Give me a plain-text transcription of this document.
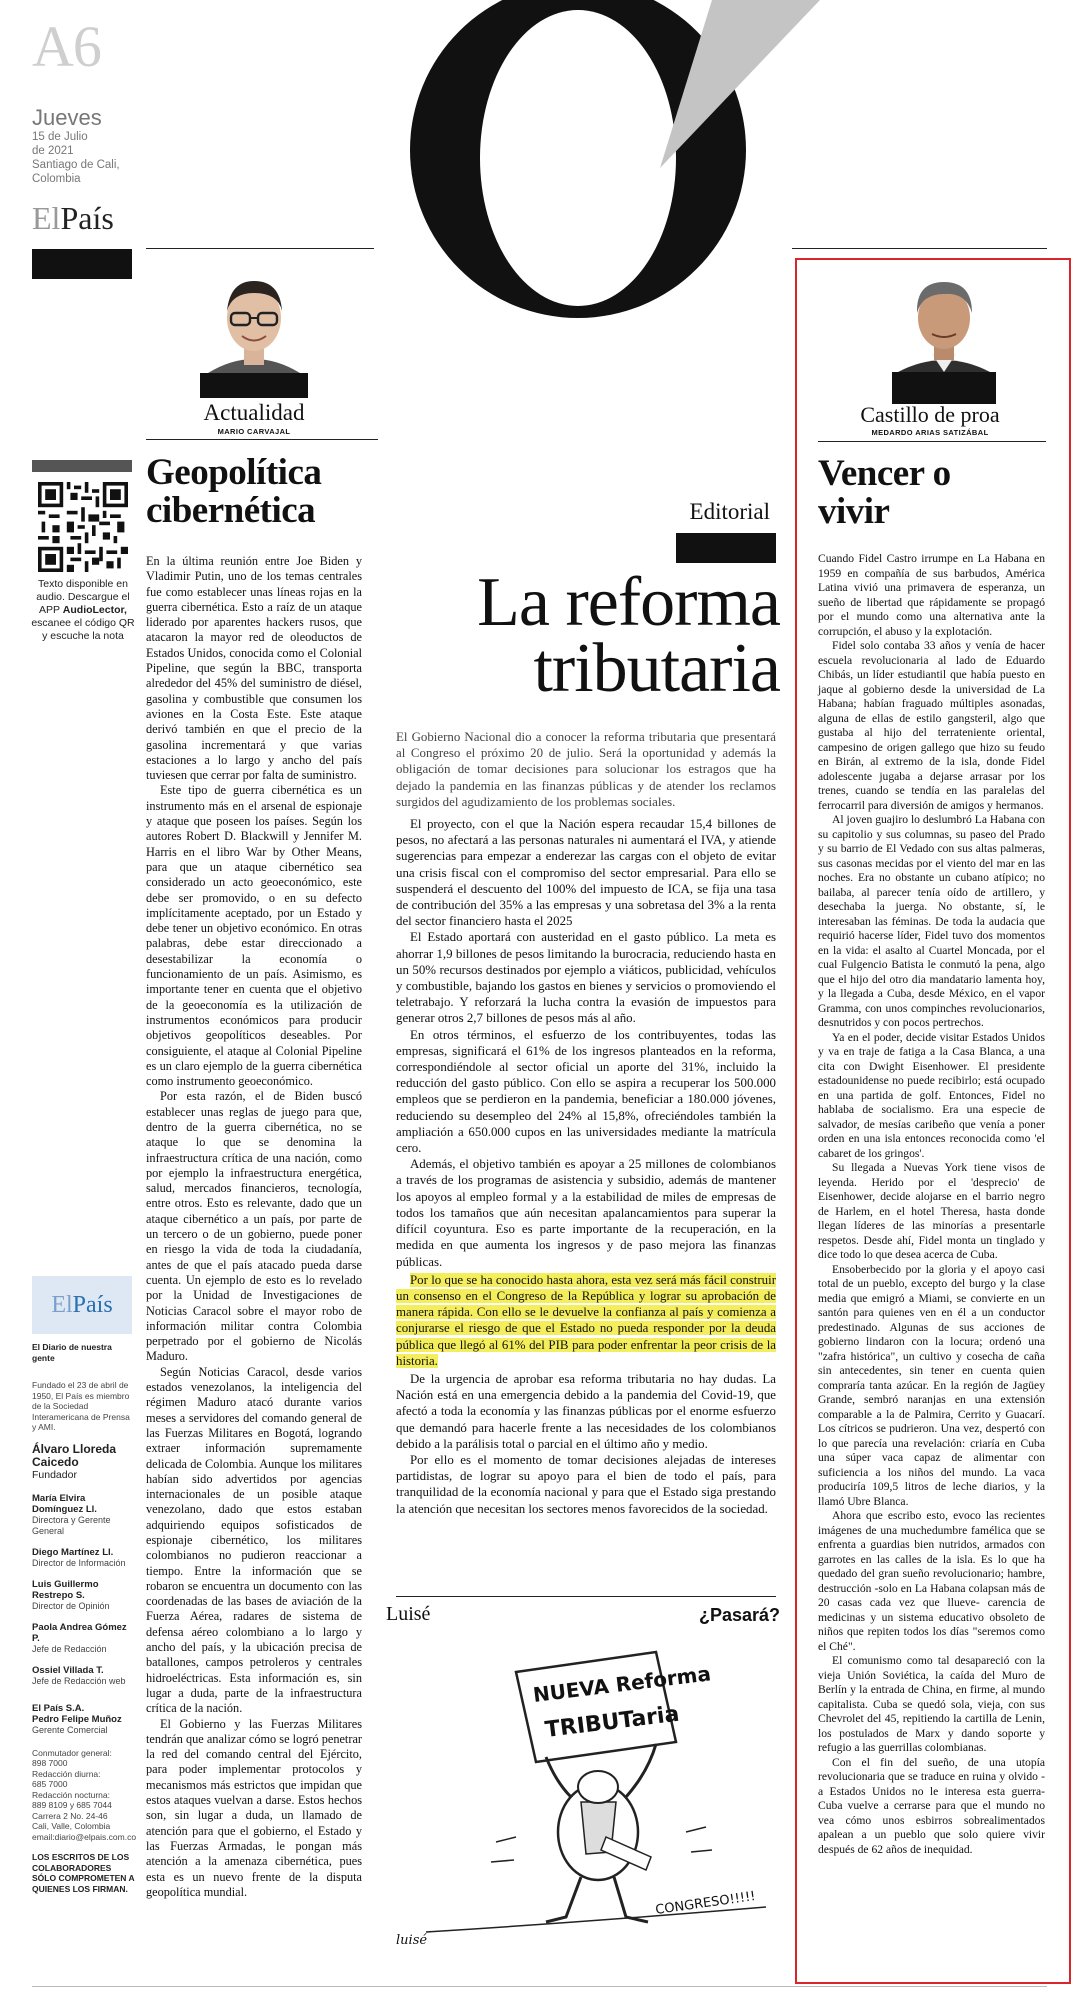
A6
Jueves
15 de Julio
de 2021
Santiago de Cali,
Colombia
ElPaís
Texto disponible en audio. Descargue el APP AudioLector, escanee el código QR y escuche la nota
ElPaís

El Diario de nuestra gente

Fundado el 23 de abril de 1950, El País es miembro de la Sociedad Interamericana de Prensa y AMI.

Álvaro Lloreda Caicedo

Fundador

María Elvira Domínguez Ll.

Directora y Gerente General

Diego Martínez Ll.

Director de Información

Luis Guillermo Restrepo S.

Director de Opinión

Paola Andrea Gómez P.

Jefe de Redacción

Ossiel Villada T.

Jefe de Redacción web

El País S.A.

Pedro Felipe Muñoz

Gerente Comercial

Conmutador general:

898 7000

Redacción diurna:

685 7000

Redacción nocturna:

889 8109 y 685 7044

Carrera 2 No. 24-46

Cali, Valle, Colombia

email:diario@elpais.com.co

LOS ESCRITOS DE LOS COLABORADORES SÓLO COMPROMETEN A QUIENES LOS FIRMAN.

Actualidad
MARIO CARVAJAL
Geopolítica
cibernética

En la última reunión entre Joe Biden y Vladimir Putin, uno de los temas centrales fue como establecer unas líneas rojas en la guerra cibernética. Esto a raíz de un ataque liderado por aparentes hackers rusos, que atacaron la mayor red de oleoductos de Estados Unidos, conocida como el Colonial Pipeline, que según la BBC, transporta alrededor del 45% del suministro de diésel, gasolina y combustible que consumen los aviones en la Costa Este. Este ataque derivó también en que el precio de la gasolina incrementará y que varias estaciones a lo largo y ancho del país tuviesen que cerrar por falta de suministro.

Este tipo de guerra cibernética es un instrumento más en el arsenal de espionaje y ataque que poseen los países. Según los autores Robert D. Blackwill y Jennifer M. Harris en el libro War by Other Means, para que un ataque cibernético sea considerado un acto geoeconómico, este debe ser promovido, o en su defecto implícitamente aceptado, por un Estado y debe tener un objetivo económico. En otras palabras, debe estar direccionado a desestabilizar la economía o funcionamiento de un país. Asimismo, es importante tener en cuenta que el objetivo de la geoeconomía es la utilización de instrumentos económicos para producir objetivos geopolíticos deseables. Por consiguiente, el ataque al Colonial Pipeline es un claro ejemplo de la guerra cibernética como instrumento geoeconómico.

Por esta razón, el de Biden buscó establecer unas reglas de juego para que, dentro de la guerra cibernética, no se ataque lo que se denomina la infraestructura crítica de una nación, como por ejemplo la infraestructura energética, salud, mercados financieros, tecnología, entre otros. Esto es relevante, dado que un ataque cibernético a un país, por parte de un tercero o de un gobierno, puede poner en riesgo la vida de toda la ciudadanía, antes de que el país atacado pueda darse cuenta. Un ejemplo de esto es lo revelado por la Unidad de Investigaciones de Noticias Caracol sobre el mayor robo de información militar contra Colombia perpetrado por el gobierno de Nicolás Maduro.

Según Noticias Caracol, desde varios estados venezolanos, la inteligencia del régimen Maduro atacó durante varios meses a servidores del comando general de las Fuerzas Militares en Bogotá, logrando extraer información supremamente delicada de Colombia. Aunque los militares habían sido advertidos por agencias internacionales de un posible ataque venezolano, dado que estos estaban adquiriendo equipos sofisticados de espionaje cibernético, los militares colombianos no pudieron reaccionar a tiempo. Entre la información que se robaron se encuentra un documento con las coordenadas de las bases de aviación de la Fuerza Aérea, radares de sistema de defensa aéreo colombiano a lo largo y ancho del país, y la ubicación precisa de batallones, campos petroleros y centrales hidroeléctricas. Esta información es, sin lugar a duda, parte de la infraestructura crítica de la nación.

El Gobierno y las Fuerzas Militares tendrán que analizar cómo se logró penetrar la red del comando central del Ejército, para poder implementar protocolos y mecanismos más estrictos que impidan que estos ataques vuelvan a darse. Estos hechos son, sin lugar a duda, un llamado de atención para que el gobierno, el Estado y las Fuerzas Armadas, le pongan más atención a la amenaza cibernética, pues esta es un nuevo frente de la disputa geopolítica mundial.

Editorial
La reforma
tributaria

El Gobierno Nacional dio a conocer la reforma tributaria que presentará al Congreso el próximo 20 de julio. Será la oportunidad y además la obligación de tomar decisiones para solucionar los estragos que ha dejado la pandemia en las finanzas públicas y de atender los reclamos surgidos del agudizamiento de los problemas sociales.

El proyecto, con el que la Nación espera recaudar 15,4 billones de pesos, no afectará a las personas naturales ni aumentará el IVA, y atiende sugerencias para empezar a enderezar las cargas con el objeto de evitar una crisis fiscal con el compromiso del sector empresarial. Para ello se suspenderá el descuento del 100% del impuesto de ICA, se fija una tasa de contribución del 35% a las empresas y una sobretasa del 3% a la renta del sector financiero hasta el 2025

El Estado aportará con austeridad en el gasto público. La meta es ahorrar 1,9 billones de pesos limitando la burocracia, reduciendo hasta en un 50% recursos destinados por ejemplo a viáticos, publicidad, vehículos y combustible, bajando los gastos en bienes y servicios o promoviendo el teletrabajo. Y reforzará la lucha contra la evasión de impuestos para generar otros 2,7 billones de pesos más al año.

En otros términos, el esfuerzo de los contribuyentes, todas las empresas, significará el 61% de los ingresos planteados en la reforma, correspondiéndole al sector oficial un aporte del 31%, incluido la reducción del gasto público. Con ello se aspira a recuperar los 500.000 empleos que se perdieron en la pandemia, beneficiar a 180.000 jóvenes, reduciendo su desempleo del 24% al 15,8%, ofreciéndoles también la ampliación a 650.000 cupos en las universidades mediante la matrícula cero.

Además, el objetivo también es apoyar a 25 millones de colombianos a través de los programas de asistencia y subsidio, además de mantener los apoyos al empleo formal y a la estabilidad de miles de empresas de todos los tamaños que aún necesitan apalancamientos para superar la difícil coyuntura. Eso es parte importante de la recuperación, en la medida en que aumenta los ingresos y de paso mejora las finanzas públicas.

Por lo que se ha conocido hasta ahora, esta vez será más fácil construir un consenso en el Congreso de la República y lograr su aprobación de manera rápida. Con ello se le devuelve la confianza al país y comienza a conjurarse el riesgo de que el Estado no pueda responder por la deuda pública que llegó al 61% del PIB para poder enfrentar la peor crisis de la historia.

De la urgencia de aprobar esa reforma tributaria no hay dudas. La Nación está en una emergencia debido a la pandemia del Covid-19, que afectó a toda la economía y las finanzas públicas por el enorme esfuerzo que demandó para hacerle frente a las necesidades de los colombianos debido a la parálisis total o parcial en el último año y medio.

Por ello es el momento de tomar decisiones alejadas de intereses partidistas, de lograr su apoyo para el bien de todo el país, para tranquilidad de la economía nacional y para que el Estado siga prestando la atención que necesitan los sectores menos favorecidos de la sociedad.

Luisé	¿Pasará?
NUEVA Reforma
TRIBUTaria
CONGRESO!!!!!
luisé
Castillo de proa
MEDARDO ARIAS SATIZÁBAL
Vencer o
vivir

Cuando Fidel Castro irrumpe en La Habana en 1959 en compañía de sus barbudos, América Latina vivió una primavera de esperanza, un sueño de libertad que rápidamente se propagó por el mundo como una alternativa ante la corrupción, el abuso y la explotación.

Fidel solo contaba 33 años y venía de hacer escuela revolucionaria al lado de Eduardo Chibás, un líder estudiantil que había puesto en jaque al gobierno desde la universidad de La Habana; habían fraguado múltiples asonadas, alguna de ellas de estilo gangsteril, algo que gustaba al hijo del terrateniente oriental, campesino de origen gallego que hizo su feudo en Birán, al extremo de la isla, donde Fidel adolescente jugaba a dejarse arrasar por los trenes, cuando se tendía en las paralelas del ferrocarril para diversión de amigos y hermanos.

Al joven guajiro lo deslumbró La Habana con su capitolio y sus columnas, su paseo del Prado y su barrio de El Vedado con sus altas palmeras, sus casonas mecidas por el viento del mar en las noches. Era no obstante un cubano atípico; no bailaba, al parecer tenía oído de artillero, y desechaba la juerga. No obstante, sí, le interesaban las féminas. De toda la audacia que requirió hacerse líder, Fidel tuvo dos momentos en la vida: el asalto al Cuartel Moncada, por el cual Fulgencio Batista le conmutó la pena, algo que el hijo del otro dia mandatario lamenta hoy, y la llegada a Cuba, desde México, en el vapor Gramma, con unos compinches revolucionarios, desnutridos y con pocos pertrechos.

Ya en el poder, decide visitar Estados Unidos y va en traje de fatiga a la Casa Blanca, a una cita con Dwight Eisenhower. El presidente estadounidense no puede recibirlo; está ocupado en una partida de golf. Entonces, Fidel no hablaba de socialismo. Era una especie de salvador, de mesías caribeño que venía a poner orden en una isla entonces reconocida como 'el cabaret de los gringos'.

Su llegada a Nuevas York tiene visos de leyenda. Herido por el 'desprecio' de Eisenhower, decide alojarse en el barrio negro de Harlem, en el hotel Theresa, hasta donde llegan líderes de las minorías a presentarle respetos. Desde ahí, Fidel monta un tinglado y dice todo lo que desea acerca de Cuba.

Ensoberbecido por la gloria y el apoyo casi total de un pueblo, excepto del burgo y la clase media que emigró a Miami, se convierte en un santón para quienes ven en él a un conductor predestinado. Algunas de sus acciones de gobierno lindaron con la locura; ordenó una "zafra histórica", un cultivo y cosecha de caña sin antecedentes, sin tener en cuenta quien compraría tanta azúcar. En la región de Jagüey Grande, sembró naranjas en una extensión comparable a la de Palmira, Cerrito y Guacarí. Los cítricos se pudrieron. Una vez, despertó con lo que parecía una revelación: criaría en Cuba una súper vaca capaz de alimentar con suficiencia a los niños del mundo. La vaca produciría 109,5 litros de leche diarios, y la llamó Ubre Blanca.

Ahora que escribo esto, evoco las recientes imágenes de una muchedumbre famélica que se enfrenta a guardias bien nutridos, armados con garrotes en las calles de la isla. Es lo que ha quedado del gran sueño revolucionario; hambre, destrucción -solo en La Habana colapsan más de 20 casas cada vez que llueve- carencia de medicinas y un sistema educativo obsoleto de niños que repiten todos los días "seremos como el Ché".

El comunismo como tal desapareció con la vieja Unión Soviética, la caída del Muro de Berlín y la entrada de China, en firme, al mundo capitalista. Cuba se quedó sola, vieja, con sus Chevrolet del 45, repitiendo la cartilla de Lenin, los postulados de Marx y dando soporte y refugio a las guerrillas colombianas.

Con el fin del sueño, de una utopía revolucionaria que se traduce en ruina y olvido -a Estados Unidos no le interesa esta guerra- Cuba vuelve a cerrarse para que el mundo no vea cómo unos esbirros sobrealimentados apalean a un pueblo que solo quiere vivir después de 62 años de inequidad.
